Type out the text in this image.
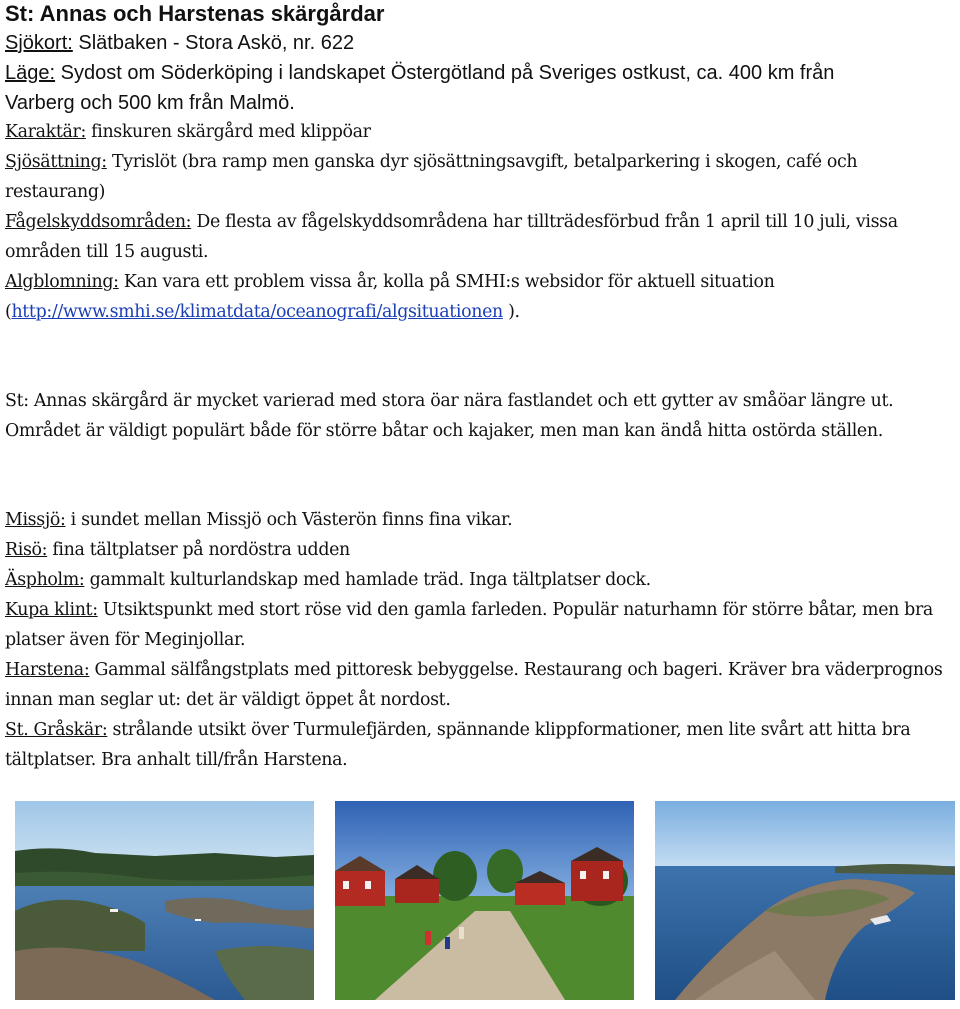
St: Annas och Harstenas skärgårdar
Sjökort: Slätbaken - Stora Askö, nr. 622
Läge: Sydost om Söderköping i landskapet Östergötland på Sveriges ostkust, ca. 400 km från Varberg och 500 km från Malmö.
Karaktär: finskuren skärgård med klippöar
Sjösättning: Tyrislöt (bra ramp men ganska dyr sjösättningsavgift, betalparkering i skogen, café och restaurang)
Fågelskyddsområden: De flesta av fågelskyddsområdena har tillträdesförbud från 1 april till 10 juli, vissa områden till 15 augusti.
Algblomning: Kan vara ett problem vissa år, kolla på SMHI:s websidor för aktuell situation (http://www.smhi.se/klimatdata/oceanografi/algsituationen ).
St: Annas skärgård är mycket varierad med stora öar nära fastlandet och ett gytter av småöar längre ut. Området är väldigt populärt både för större båtar och kajaker, men man kan ändå hitta ostörda ställen.
Missjö: i sundet mellan Missjö och Västerön finns fina vikar.
Risö: fina tältplatser på nordöstra udden
Äspholm: gammalt kulturlandskap med hamlade träd. Inga tältplatser dock.
Kupa klint: Utsiktspunkt med stort röse vid den gamla farleden. Populär naturhamn för större båtar, men bra platser även för Meginjollar.
Harstena: Gammal sälfångstplats med pittoresk bebyggelse. Restaurang och bageri. Kräver bra väderprognos innan man seglar ut: det är väldigt öppet åt nordost.
St. Gråskär: strålande utsikt över Turmulefjärden, spännande klippformationer, men lite svårt att hitta bra tältplatser. Bra anhalt till/från Harstena.
